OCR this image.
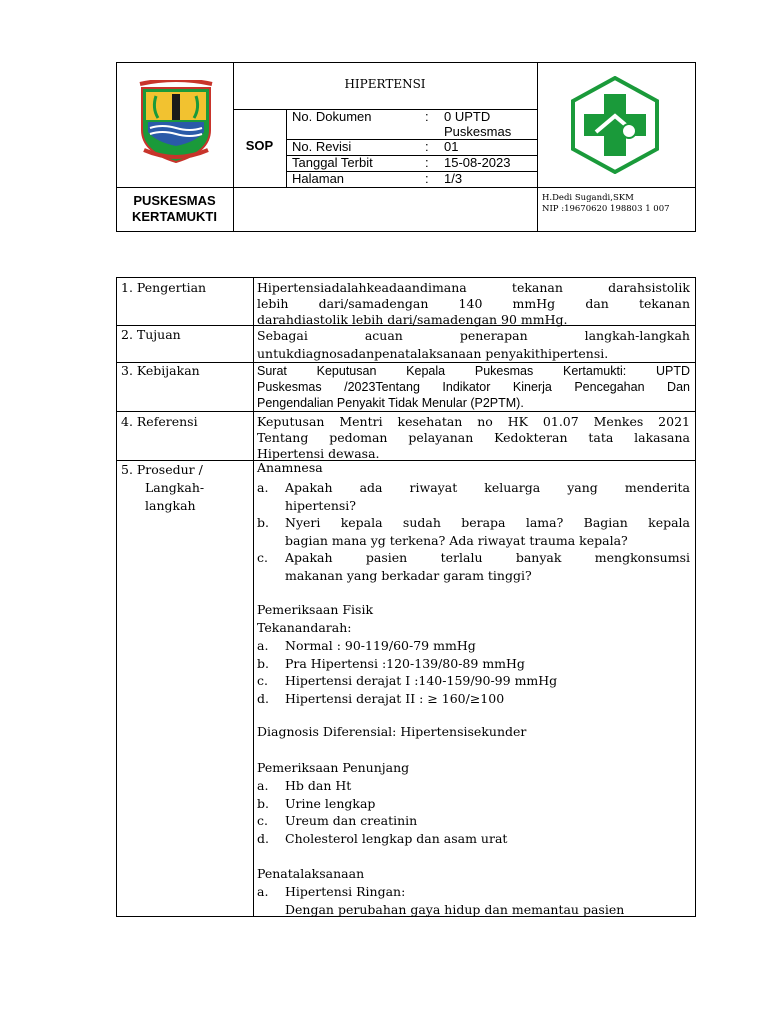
HIPERTENSI
SOP
No. Dokumen	: 0 UPTD
Puskesmas
No. Revisi	: 01
Tanggal Terbit	: 15-08-2023
Halaman	: 1/3
PUSKESMAS
KERTAMUKTI
H.Dedi Sugandi,SKM
NIP :19670620 198803 1 007
1. Pengertian	Hipertensiadalahkeadaandimana tekanan darahsistolik
lebih dari/samadengan 140 mmHg dan tekanan
darahdiastolik lebih dari/samadengan 90 mmHg.
2. Tujuan	Sebagai acuan penerapan langkah-langkah
untukdiagnosadanpenatalaksanaan penyakithipertensi.
3. Kebijakan	Surat Keputusan Kepala Pukesmas Kertamukti: UPTD
Puskesmas /2023Tentang Indikator Kinerja Pencegahan Dan
Pengendalian Penyakit Tidak Menular (P2PTM).
4. Referensi	Keputusan Mentri kesehatan no HK 01.07 Menkes 2021
Tentang pedoman pelayanan Kedokteran tata lakasana
Hipertensi dewasa.
5. Prosedur /
Langkah-
langkah
Anamnesa
a.	Apakah ada riwayat keluarga yang menderita
hipertensi?
b.	Nyeri kepala sudah berapa lama? Bagian kepala
bagian mana yg terkena? Ada riwayat trauma kepala?
c.	Apakah pasien terlalu banyak mengkonsumsi
makanan yang berkadar garam tinggi?
Pemeriksaan Fisik
Tekanandarah:
a. Normal : 90-119/60-79 mmHg
b. Pra Hipertensi :120-139/80-89 mmHg
c. Hipertensi derajat I :140-159/90-99 mmHg
d. Hipertensi derajat II : ≥ 160/≥100
Diagnosis Diferensial: Hipertensisekunder
Pemeriksaan Penunjang
a. Hb dan Ht
b. Urine lengkap
c. Ureum dan creatinin
d. Cholesterol lengkap dan asam urat
Penatalaksanaan
a.	Hipertensi Ringan:
Dengan perubahan gaya hidup dan memantau pasien
